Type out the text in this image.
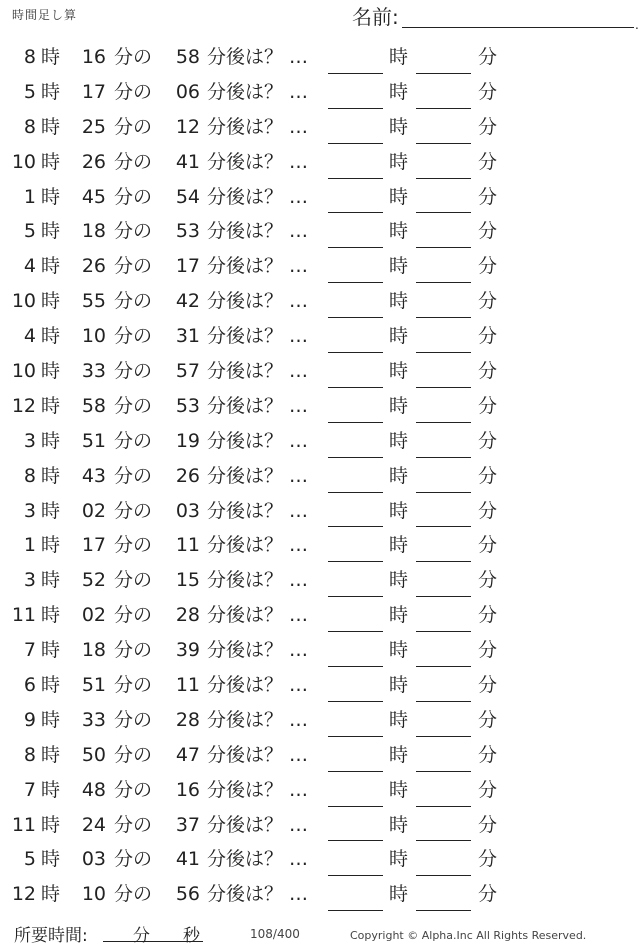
時間足し算	名前:	.
8 時	16 分の	58 分後は？ …	時	分
5 時	17 分の	06 分後は？ …	時	分
8 時	25 分の	12 分後は？ …	時	分
10 時	26 分の	41 分後は？ …	時	分
1 時	45 分の	54 分後は？ …	時	分
5 時	18 分の	53 分後は？ …	時	分
4 時	26 分の	17 分後は？ …	時	分
10 時	55 分の	42 分後は？ …	時	分
4 時	10 分の	31 分後は？ …	時	分
10 時	33 分の	57 分後は？ …	時	分
12 時	58 分の	53 分後は？ …	時	分
3 時	51 分の	19 分後は？ …	時	分
8 時	43 分の	26 分後は？ …	時	分
3 時	02 分の	03 分後は？ …	時	分
1 時	17 分の	11 分後は？ …	時	分
3 時	52 分の	15 分後は？ …	時	分
11 時	02 分の	28 分後は？ …	時	分
7 時	18 分の	39 分後は？ …	時	分
6 時	51 分の	11 分後は？ …	時	分
9 時	33 分の	28 分後は？ …	時	分
8 時	50 分の	47 分後は？ …	時	分
7 時	48 分の	16 分後は？ …	時	分
11 時	24 分の	37 分後は？ …	時	分
5 時	03 分の	41 分後は？ …	時	分
12 時	10 分の	56 分後は？ …	時	分
所要時間:	分 秒	108/400	Copyright © Alpha.Inc All Rights Reserved.
